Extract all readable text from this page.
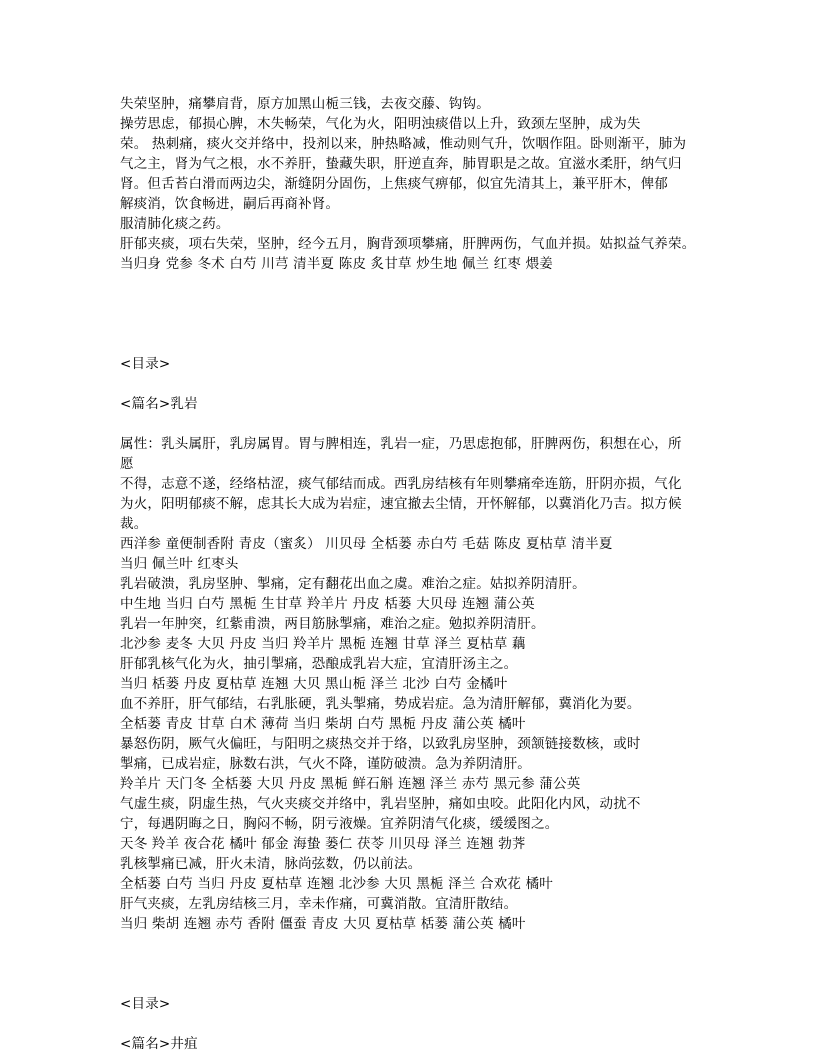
失荣坚肿，痛攀肩背，原方加黑山栀三钱，去夜交藤、钩钩。
操劳思虑，郁损心脾，木失畅荣，气化为火，阳明浊痰借以上升，致颈左坚肿，成为失
荣。 热刺痛，痰火交并络中，投剂以来，肿热略减，惟动则气升，饮咽作阻。卧则渐平，肺为
气之主，肾为气之根，水不养肝，蛰藏失职，肝逆直奔，肺胃职是之故。宜滋水柔肝，纳气归
肾。但舌苔白滑而两边尖，渐缝阴分固伤，上焦痰气痹郁，似宜先清其上，兼平肝木，俾郁
解痰消，饮食畅进，嗣后再商补肾。
服清肺化痰之药。
肝郁夹痰，项右失荣，坚肿，经今五月，胸背颈项攀痛，肝脾两伤，气血并损。姑拟益气养荣。
当归身 党参 冬术 白芍 川芎 清半夏 陈皮 炙甘草 炒生地 佩兰 红枣 煨姜
<目录>
<篇名>乳岩
属性：乳头属肝，乳房属胃。胃与脾相连，乳岩一症，乃思虑抱郁，肝脾两伤，积想在心，所
愿
不得，志意不遂，经络枯涩，痰气郁结而成。西乳房结核有年则攀痛牵连筋，肝阴亦损，气化
为火，阳明郁痰不解，虑其长大成为岩症，速宜撤去尘情，开怀解郁，以冀消化乃吉。拟方候
裁。
西洋参 童便制香附 青皮（蜜炙） 川贝母 全栝蒌 赤白芍 毛菇 陈皮 夏枯草 清半夏
当归 佩兰叶 红枣头
乳岩破溃，乳房坚肿、掣痛，定有翻花出血之虞。难治之症。姑拟养阴清肝。
中生地 当归 白芍 黑栀 生甘草 羚羊片 丹皮 栝蒌 大贝母 连翘 蒲公英
乳岩一年肿突，红紫甫溃，两目筋脉掣痛，难治之症。勉拟养阴清肝。
北沙参 麦冬 大贝 丹皮 当归 羚羊片 黑栀 连翘 甘草 泽兰 夏枯草 藕
肝郁乳核气化为火，抽引掣痛，恐酿成乳岩大症，宜清肝汤主之。
当归 栝蒌 丹皮 夏枯草 连翘 大贝 黑山栀 泽兰 北沙 白芍 金橘叶
血不养肝，肝气郁结，右乳胀硬，乳头掣痛，势成岩症。急为清肝解郁，冀消化为要。
全栝蒌 青皮 甘草 白术 薄荷 当归 柴胡 白芍 黑栀 丹皮 蒲公英 橘叶
暴怒伤阴，厥气火偏旺，与阳明之痰热交并于络，以致乳房坚肿，颈颔链接数核，或时
掣痛，已成岩症，脉数右洪，气火不降，谨防破溃。急为养阴清肝。
羚羊片 天门冬 全栝蒌 大贝 丹皮 黑栀 鲜石斛 连翘 泽兰 赤芍 黑元参 蒲公英
气虚生痰，阴虚生热，气火夹痰交并络中，乳岩坚肿，痛如虫咬。此阳化内风，动扰不
宁，每遇阴晦之日，胸闷不畅，阴亏液燥。宜养阴清气化痰，缓缓图之。
天冬 羚羊 夜合花 橘叶 郁金 海蛰 蒌仁 茯苓 川贝母 泽兰 连翘 勃荠
乳核掣痛已减，肝火未清，脉尚弦数，仍以前法。
全栝蒌 白芍 当归 丹皮 夏枯草 连翘 北沙参 大贝 黑栀 泽兰 合欢花 橘叶
肝气夹痰，左乳房结核三月，幸未作痛，可冀消散。宜清肝散结。
当归 柴胡 连翘 赤芍 香附 僵蚕 青皮 大贝 夏枯草 栝蒌 蒲公英 橘叶
<目录>
<篇名>井疽
